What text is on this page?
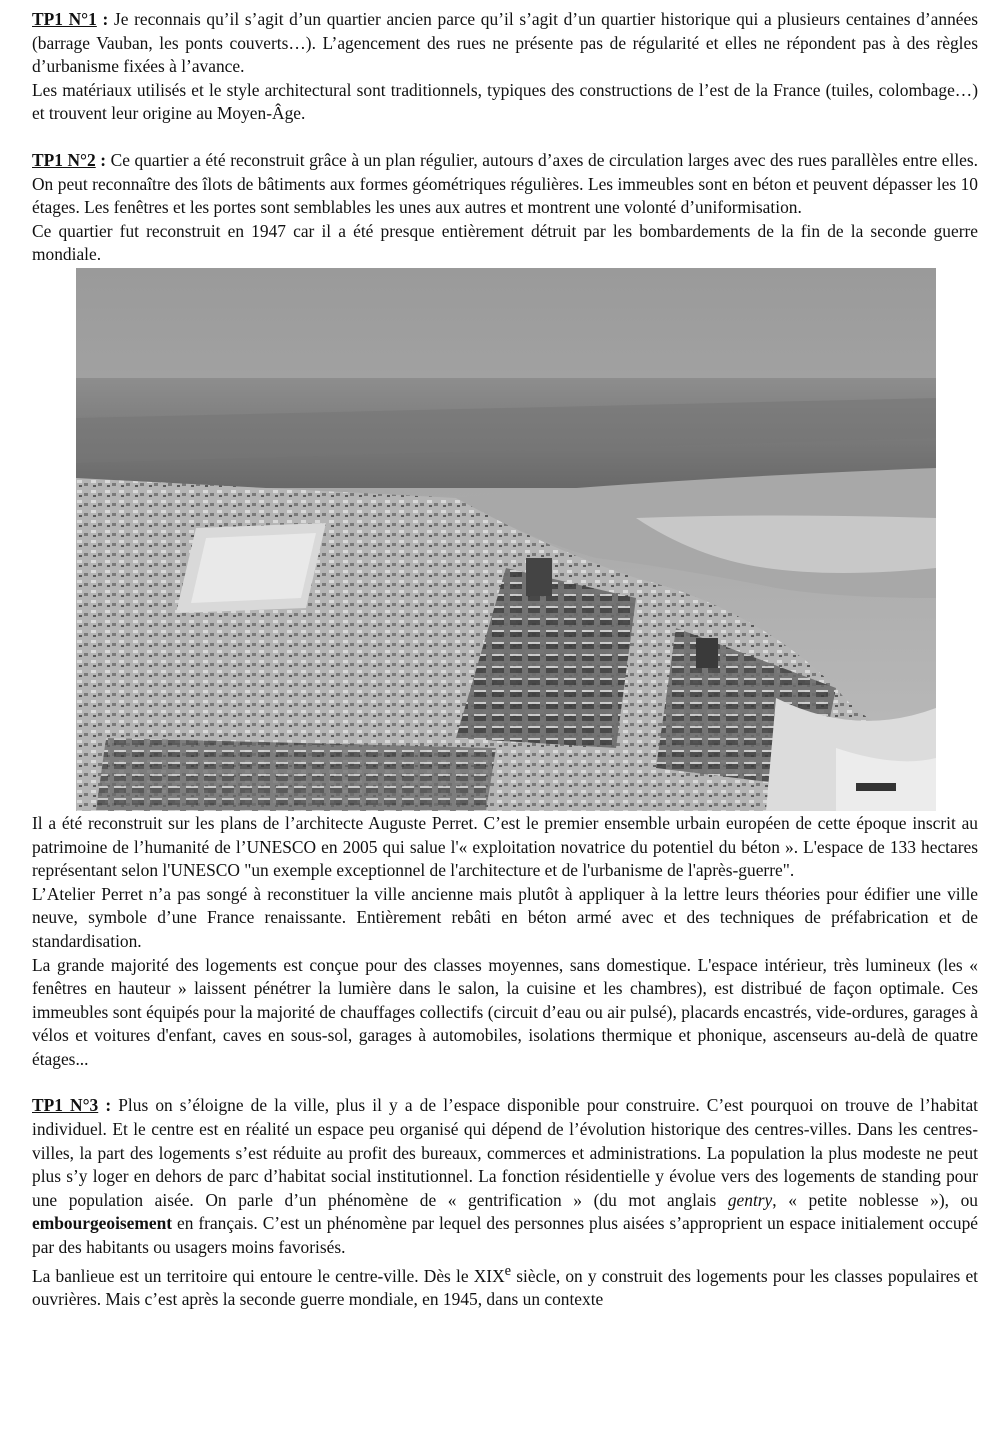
TP1 N°1 : Je reconnais qu’il s’agit d’un quartier ancien parce qu’il s’agit d’un quartier historique qui a plusieurs centaines d’années (barrage Vauban, les ponts couverts…). L’agencement des rues ne présente pas de régularité et elles ne répondent pas à des règles d’urbanisme fixées à l’avance.

Les matériaux utilisés et le style architectural sont traditionnels, typiques des constructions de l’est de la France (tuiles, colombage…) et trouvent leur origine au Moyen-Âge.

TP1 N°2 : Ce quartier a été reconstruit grâce à un plan régulier, autours d’axes de circulation larges avec des rues parallèles entre elles. On peut reconnaître des îlots de bâtiments aux formes géométriques régulières. Les immeubles sont en béton et peuvent dépasser les 10 étages. Les fenêtres et les portes sont semblables les unes aux autres et montrent une volonté d’uniformisation.

Ce quartier fut reconstruit en 1947 car il a été presque entièrement détruit par les bombardements de la fin de la seconde guerre mondiale.

Il a été reconstruit sur les plans de l’architecte Auguste Perret. C’est le premier ensemble urbain européen de cette époque inscrit au patrimoine de l’humanité de l’UNESCO en 2005 qui salue l'« exploitation novatrice du potentiel du béton ». L'espace de 133 hectares représentant selon l'UNESCO "un exemple exceptionnel de l'architecture et de l'urbanisme de l'après-guerre".

L’Atelier Perret n’a pas songé à reconstituer la ville ancienne mais plutôt à appliquer à la lettre leurs théories pour édifier une ville neuve, symbole d’une France renaissante. Entièrement rebâti en béton armé avec et des techniques de préfabrication et de standardisation.

La grande majorité des logements est conçue pour des classes moyennes, sans domestique. L'espace intérieur, très lumineux (les « fenêtres en hauteur » laissent pénétrer la lumière dans le salon, la cuisine et les chambres), est distribué de façon optimale. Ces immeubles sont équipés pour la majorité de chauffages collectifs (circuit d’eau ou air pulsé), placards encastrés, vide-ordures, garages à vélos et voitures d'enfant, caves en sous-sol, garages à automobiles, isolations thermique et phonique, ascenseurs au-delà de quatre étages...

TP1 N°3 : Plus on s’éloigne de la ville, plus il y a de l’espace disponible pour construire. C’est pourquoi on trouve de l’habitat individuel. Et le centre est en réalité un espace peu organisé qui dépend de l’évolution historique des centres-villes. Dans les centres-villes, la part des logements s’est réduite au profit des bureaux, commerces et administrations. La population la plus modeste ne peut plus s’y loger en dehors de parc d’habitat social institutionnel. La fonction résidentielle y évolue vers des logements de standing pour une population aisée. On parle d’un phénomène de « gentrification » (du mot anglais gentry, « petite noblesse »), ou embourgeoisement en français. C’est un phénomène par lequel des personnes plus aisées s’approprient un espace initialement occupé par des habitants ou usagers moins favorisés.

La banlieue est un territoire qui entoure le centre-ville. Dès le XIXe siècle, on y construit des logements pour les classes populaires et ouvrières. Mais c’est après la seconde guerre mondiale, en 1945, dans un contexte
